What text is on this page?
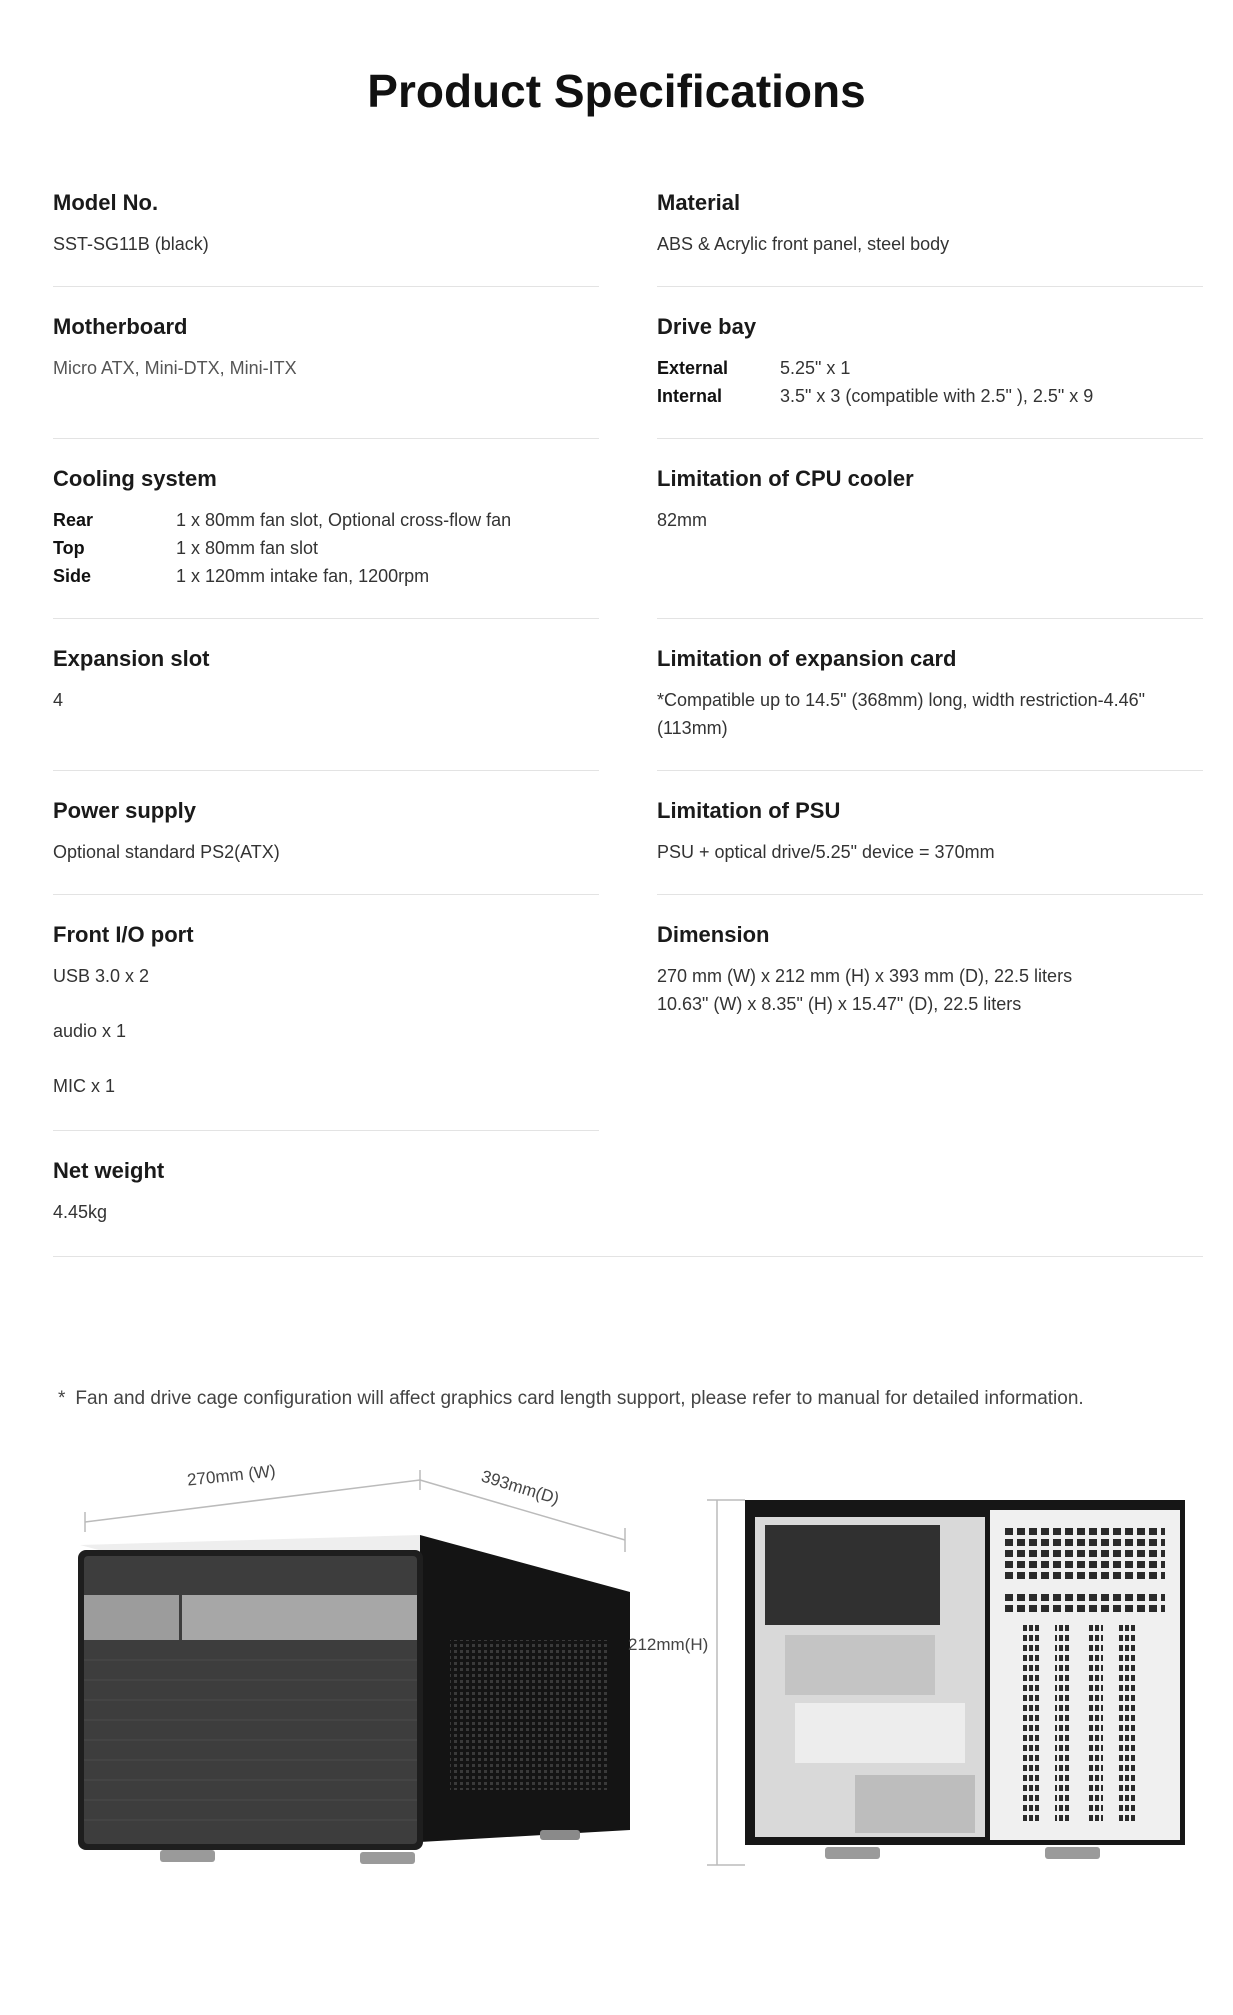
Product Specifications

Model No.

SST-SG11B (black)

Material

ABS & Acrylic front panel, steel body

Motherboard

Micro ATX, Mini-DTX, Mini-ITX

Drive bay

External	5.25" x 1
Internal	3.5" x 3 (compatible with 2.5" ), 2.5" x 9

Cooling system

Rear	1 x 80mm fan slot, Optional cross-flow fan
Top	1 x 80mm fan slot
Side	1 x 120mm intake fan, 1200rpm

Limitation of CPU cooler

82mm

Expansion slot

4

Limitation of expansion card

*Compatible up to 14.5" (368mm) long, width restriction-4.46"

(113mm)

Power supply

Optional standard PS2(ATX)

Limitation of PSU

PSU + optical drive/5.25" device = 370mm

Front I/O port

USB 3.0 x 2

audio x 1

MIC x 1

Dimension

270 mm (W) x 212 mm (H) x 393 mm (D), 22.5 liters

10.63" (W) x 8.35" (H) x 15.47" (D), 22.5 liters

Net weight

4.45kg

* Fan and drive cage configuration will affect graphics card length support, please refer to manual for detailed information.
270mm (W)	393mm(D)
212mm(H)
